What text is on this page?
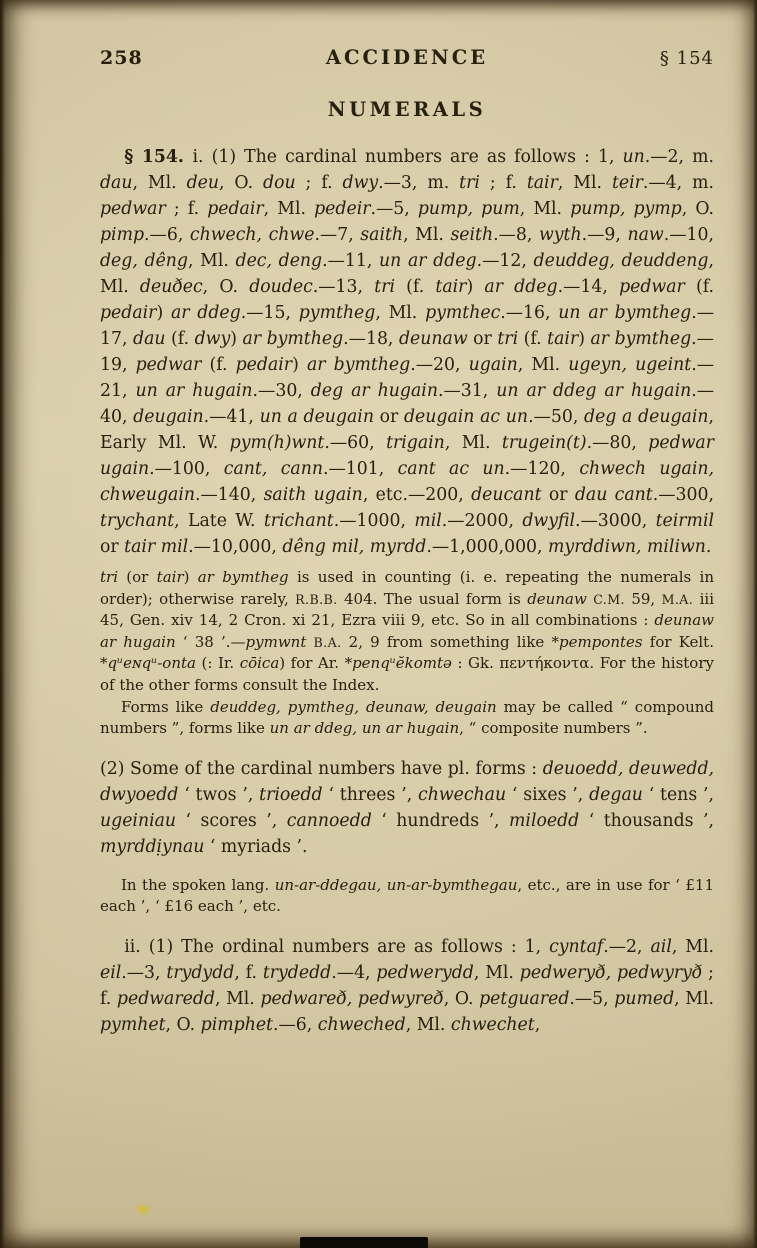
258	ACCIDENCE	§ 154
NUMERALS

§ 154. i. (1) The cardinal numbers are as follows : 1, un.—2, m. dau, Ml. deu, O. dou ; f. dwy.—3, m. tri ; f. tair, Ml. teir.—4, m. pedwar ; f. pedair, Ml. pedeir.—5, pump, pum, Ml. pump, pymp, O. pimp.—6, chwech, chwe.—7, saith, Ml. seith.—8, wyth.—9, naw.—10, deg, dêng, Ml. dec, deng.—11, un ar ddeg.—12, deuddeg, deuddeng, Ml. deuðec, O. doudec.—13, tri (f. tair) ar ddeg.—14, pedwar (f. pedair) ar ddeg.—15, pymtheg, Ml. pymthec.—16, un ar bymtheg.—17, dau (f. dwy) ar bymtheg.—18, deunaw or tri (f. tair) ar bymtheg.—19, pedwar (f. pedair) ar bymtheg.—20, ugain, Ml. ugeyn, ugeint.—21, un ar hugain.—30, deg ar hugain.—31, un ar ddeg ar hugain.—40, deugain.—41, un a deugain or deugain ac un.—50, deg a deugain, Early Ml. W. pym(h)wnt.—60, trigain, Ml. trugein(t).—80, pedwar ugain.—100, cant, cann.—101, cant ac un.—120, chwech ugain, chweugain.—140, saith ugain, etc.—200, deucant or dau cant.—300, trychant, Late W. trichant.—1000, mil.—2000, dwyfil.—3000, teirmil or tair mil.—10,000, dêng mil, myrdd.—1,000,000, myrddiwn, miliwn.

tri (or tair) ar bymtheg is used in counting (i. e. repeating the numerals in order); otherwise rarely, R.B.B. 404. The usual form is deunaw C.M. 59, M.A. iii 45, Gen. xiv 14, 2 Cron. xi 21, Ezra viii 9, etc. So in all combinations : deunaw ar hugain ‘ 38 ’.—pymwnt B.A. 2, 9 from something like *pempontes for Kelt. *qᵘeɴqᵘ-onta (: Ir. cōica) for Ar. *penqᵘĕkomtə : Gk. πεντήκοντα. For the history of the other forms consult the Index.

Forms like deuddeg, pymtheg, deunaw, deugain may be called “ compound numbers ”, forms like un ar ddeg, un ar hugain, “ composite numbers ”.

(2) Some of the cardinal numbers have pl. forms : deuoedd, deuwedd, dwyoedd ‘ twos ’, trioedd ‘ threes ’, chwechau ‘ sixes ’, degau ‘ tens ’, ugeiniau ‘ scores ’, cannoedd ‘ hundreds ’, miloedd ‘ thousands ’, myrddịynau ‘ myriads ’.

In the spoken lang. un-ar-ddegau, un-ar-bymthegau, etc., are in use for ‘ £11 each ’, ‘ £16 each ’, etc.

ii. (1) The ordinal numbers are as follows : 1, cyntaf.—2, ail, Ml. eil.—3, trydydd, f. trydedd.—4, pedwerydd, Ml. pedweryð, pedwyryð ; f. pedwaredd, Ml. pedwareð, pedwyreð, O. petguared.—5, pumed, Ml. pymhet, O. pimphet.—6, chweched, Ml. chwechet,
